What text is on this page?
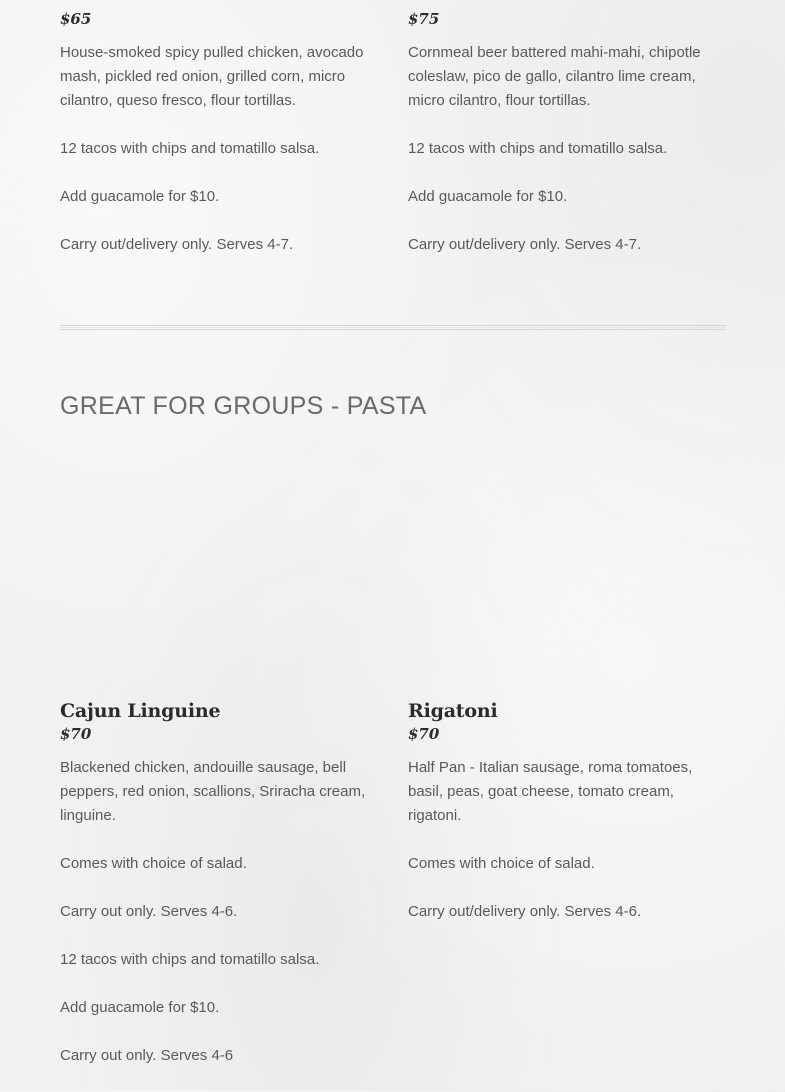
$65

House-smoked spicy pulled chicken, avocado mash, pickled red onion, grilled corn, micro cilantro, queso fresco, flour tortillas.

12 tacos with chips and tomatillo salsa.

Add guacamole for $10.

Carry out/delivery only. Serves 4-7.

$75

Cornmeal beer battered mahi-mahi, chipotle coleslaw, pico de gallo, cilantro lime cream, micro cilantro, flour tortillas.

12 tacos with chips and tomatillo salsa.

Add guacamole for $10.

Carry out/delivery only. Serves 4-7.

GREAT FOR GROUPS - PASTA
Cajun Linguine

$70

Blackened chicken, andouille sausage, bell peppers, red onion, scallions, Sriracha cream, linguine.

Comes with choice of salad.

Carry out only. Serves 4-6.

12 tacos with chips and tomatillo salsa.

Add guacamole for $10.

Carry out only. Serves 4-6

Rigatoni

$70

Half Pan - Italian sausage, roma tomatoes, basil, peas, goat cheese, tomato cream, rigatoni.

Comes with choice of salad.

Carry out/delivery only. Serves 4-6.
